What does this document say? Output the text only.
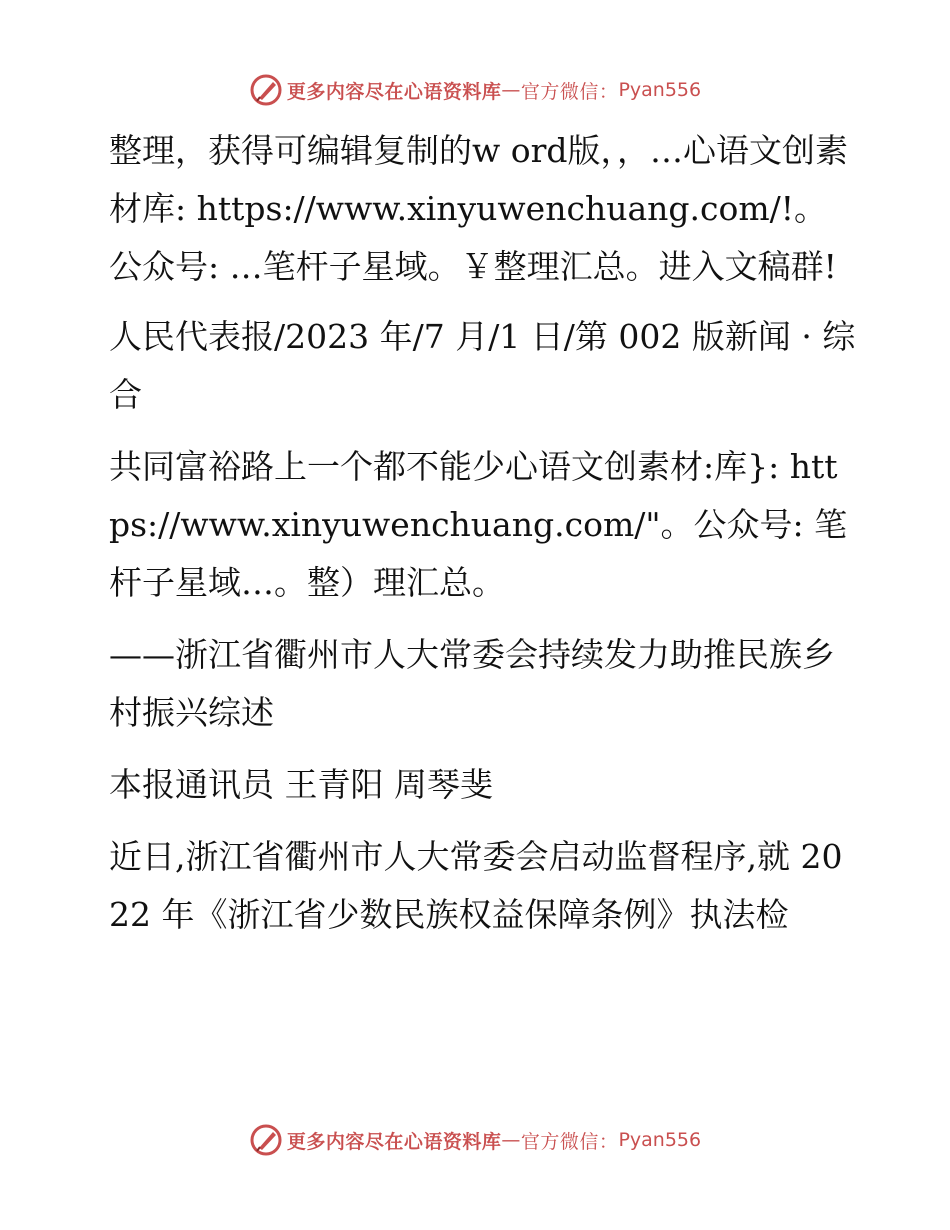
更多内容尽在心语资料库 — 官方微信： Pyan556

整理，获得可编辑复制的w ord版，，…心语文创素材库: https://www.xinyuwenchuang.com/!。公众号: …笔杆子星域。￥整理汇总。进入文稿群!

人民代表报/2023 年/7 月/1 日/第 002 版新闻 · 综合

共同富裕路上一个都不能少心语文创素材:库}: https://www.xinyuwenchuang.com/"。公众号: 笔杆子星域…。整）理汇总。

——浙江省衢州市人大常委会持续发力助推民族乡村振兴综述

本报通讯员 王青阳 周琴斐

近日,浙江省衢州市人大常委会启动监督程序,就 2022 年《浙江省少数民族权益保障条例》执法检

更多内容尽在心语资料库 — 官方微信： Pyan556
